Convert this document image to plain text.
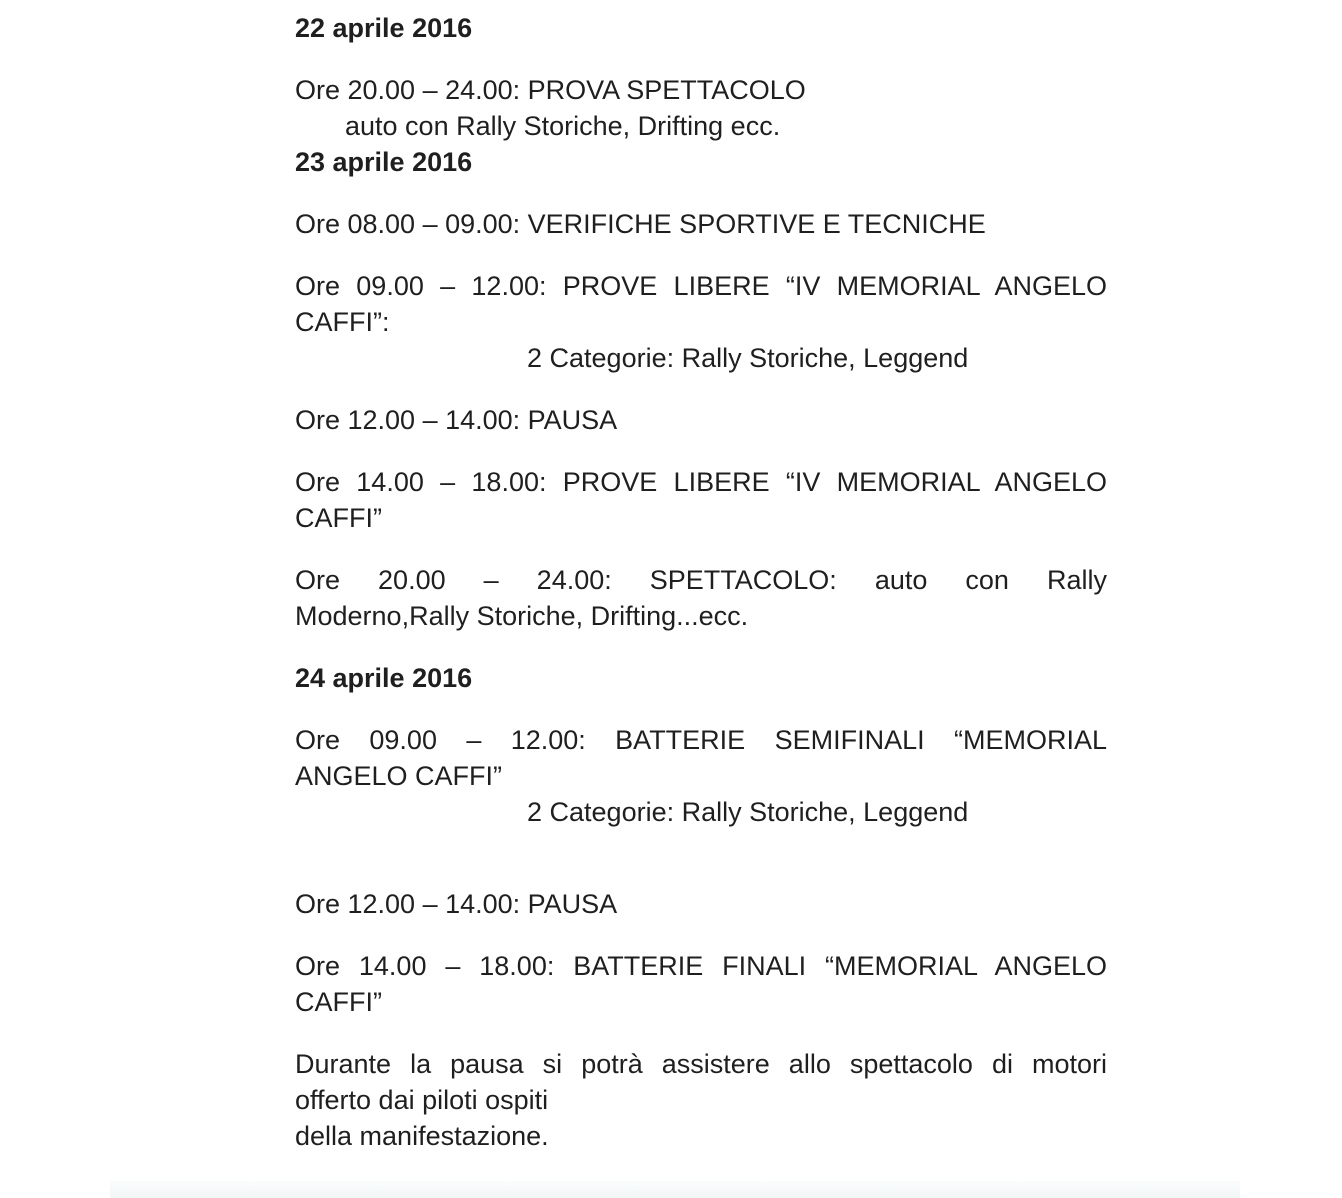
22 aprile 2016
Ore 20.00 – 24.00: PROVA SPETTACOLO
auto con Rally Storiche, Drifting ecc.
23 aprile 2016
Ore 08.00 – 09.00: VERIFICHE SPORTIVE E TECNICHE
Ore 09.00 – 12.00: PROVE LIBERE “IV MEMORIAL ANGELO
CAFFI”:
2 Categorie: Rally Storiche, Leggend
Ore 12.00 – 14.00: PAUSA
Ore 14.00 – 18.00: PROVE LIBERE “IV MEMORIAL ANGELO
CAFFI”
Ore 20.00 – 24.00: SPETTACOLO: auto con Rally
Moderno,Rally Storiche, Drifting...ecc.
24 aprile 2016
Ore 09.00 – 12.00: BATTERIE SEMIFINALI “MEMORIAL
ANGELO CAFFI”
2 Categorie: Rally Storiche, Leggend
Ore 12.00 – 14.00: PAUSA
Ore 14.00 – 18.00: BATTERIE FINALI “MEMORIAL ANGELO
CAFFI”
Durante la pausa si potrà assistere allo spettacolo di motori
offerto dai piloti ospiti
della manifestazione.
